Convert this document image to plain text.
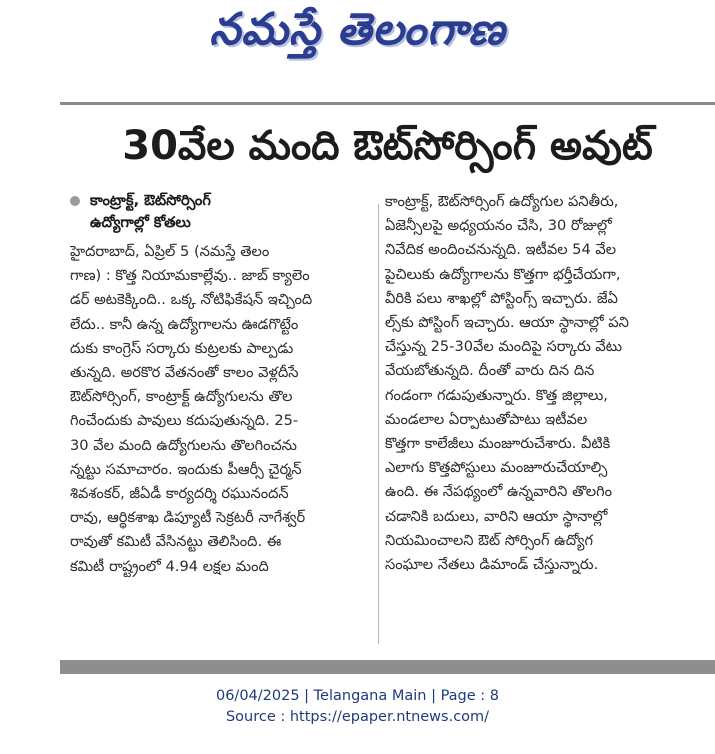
నమస్తే తెలంగాణ
30వేల మంది ఔట్‌సోర్సింగ్‌ అవుట్‌
కాంట్రాక్ట్‌, ఔట్‌సోర్సింగ్‌
ఉద్యోగాల్లో కోతలు
హైదరాబాద్‌, ఏప్రిల్‌ 5 (నమస్తే తెలం
గాణ) : కొత్త నియామకాల్లేవు.. జాబ్‌ క్యాలెం
డర్‌ అటకెక్కింది.. ఒక్క నోటిఫికేషన్‌ ఇచ్చింది
లేదు.. కానీ ఉన్న ఉద్యోగాలను ఊడగొట్టేం
దుకు కాంగ్రెస్‌ సర్కారు కుట్రలకు పాల్పడు
తున్నది. అరకొర వేతనంతో కాలం వెళ్లదీసే
ఔట్‌సోర్సింగ్‌, కాంట్రాక్ట్‌ ఉద్యోగులను తొల
గించేందుకు పావులు కదుపుతున్నది. 25-
30 వేల మంది ఉద్యోగులను తొలగించను
న్నట్టు సమాచారం. ఇందుకు పీఆర్సీ చైర్మన్‌
శివశంకర్‌, జీఏడీ కార్యదర్శి రఘునందన్‌
రావు, ఆర్థికశాఖ డిప్యూటీ సెక్రటరీ నాగేశ్వర్‌
రావుతో కమిటీ వేసినట్టు తెలిసింది. ఈ
కమిటీ రాష్ట్రంలో 4.94 లక్షల మంది
కాంట్రాక్ట్‌, ఔట్‌సోర్సింగ్‌ ఉద్యోగుల పనితీరు,
ఏజెన్సీలపై అధ్యయనం చేసి, 30 రోజుల్లో
నివేదిక అందించనున్నది. ఇటీవల 54 వేల
పైచిలుకు ఉద్యోగాలను కొత్తగా భర్తీచేయగా,
వీరికి పలు శాఖల్లో పోస్టింగ్స్‌ ఇచ్చారు. జేఏ
ల్స్‌కు పోస్టింగ్‌ ఇచ్చారు. ఆయా స్థానాల్లో పని
చేస్తున్న 25-30వేల మందిపై సర్కారు వేటు
వేయబోతున్నది. దీంతో వారు దిన దిన
గండంగా గడుపుతున్నారు. కొత్త జిల్లాలు,
మండలాల ఏర్పాటుతోపాటు ఇటీవల
కొత్తగా కాలేజీలు మంజూరుచేశారు. వీటికి
ఎలాగు కొత్తపోస్టులు మంజూరుచేయాల్సి
ఉంది. ఈ నేపథ్యంలో ఉన్నవారిని తొలగిం
చడానికి బదులు, వారిని ఆయా స్థానాల్లో
నియమించాలని ఔట్‌ సోర్సింగ్‌ ఉద్యోగ
సంఘాల నేతలు డిమాండ్‌ చేస్తున్నారు.
06/04/2025 | Telangana Main | Page : 8
Source : https://epaper.ntnews.com/
